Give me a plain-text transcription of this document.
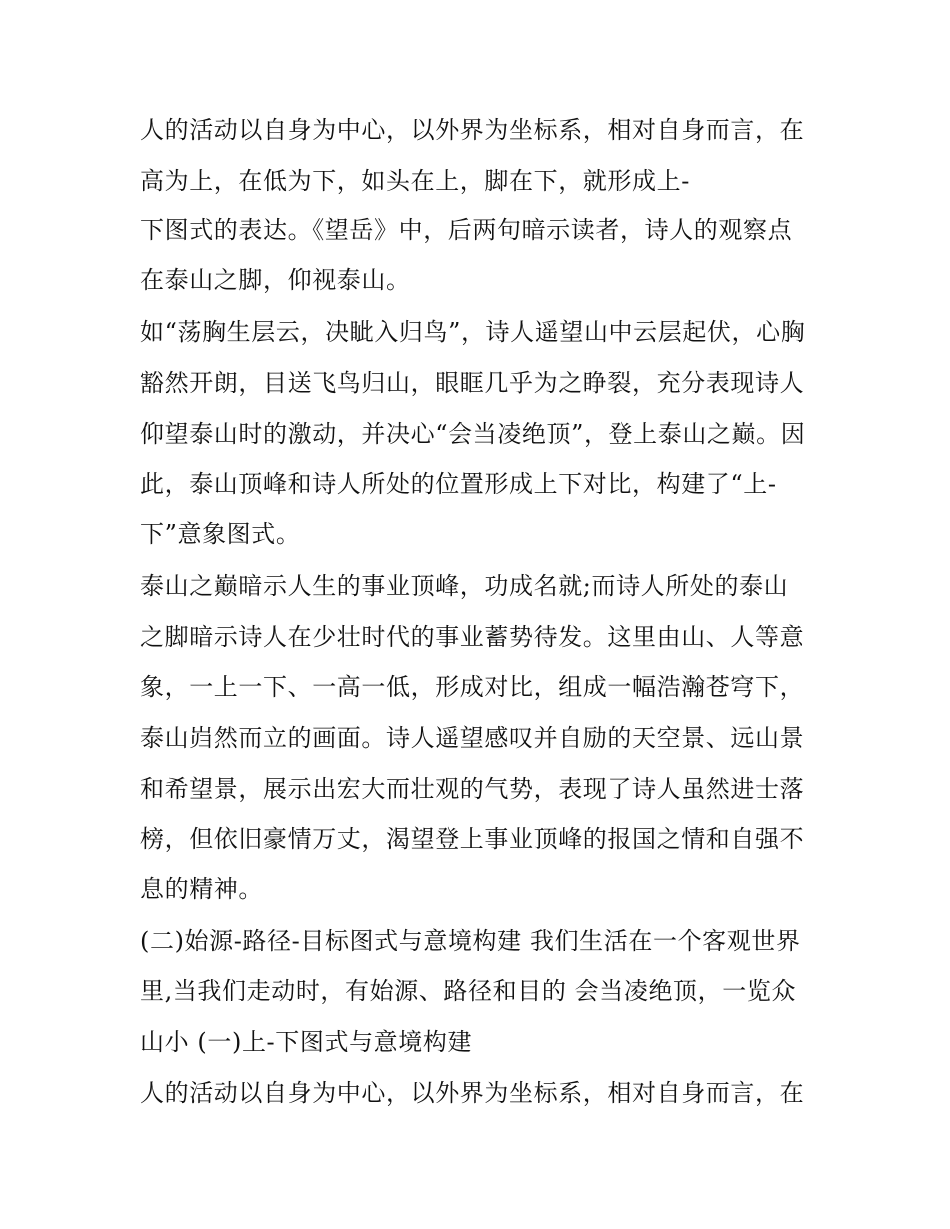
人的活动以自身为中心，以外界为坐标系，相对自身而言，在
高为上，在低为下，如头在上，脚在下，就形成上-
下图式的表达。《望岳》中，后两句暗示读者，诗人的观察点
在泰山之脚，仰视泰山。
如“荡胸生层云，决眦入归鸟”，诗人遥望山中云层起伏，心胸
豁然开朗，目送飞鸟归山，眼眶几乎为之睁裂，充分表现诗人
仰望泰山时的激动，并决心“会当凌绝顶”，登上泰山之巅。因
此，泰山顶峰和诗人所处的位置形成上下对比，构建了“上-
下”意象图式。
泰山之巅暗示人生的事业顶峰，功成名就;而诗人所处的泰山
之脚暗示诗人在少壮时代的事业蓄势待发。这里由山、人等意
象，一上一下、一高一低，形成对比，组成一幅浩瀚苍穹下，
泰山岿然而立的画面。诗人遥望感叹并自励的天空景、远山景
和希望景，展示出宏大而壮观的气势，表现了诗人虽然进士落
榜，但依旧豪情万丈，渴望登上事业顶峰的报国之情和自强不
息的精神。
(二)始源-路径-目标图式与意境构建 我们生活在一个客观世界
里,当我们走动时，有始源、路径和目的 会当凌绝顶，一览众
山小 (一)上-下图式与意境构建
人的活动以自身为中心，以外界为坐标系，相对自身而言，在
